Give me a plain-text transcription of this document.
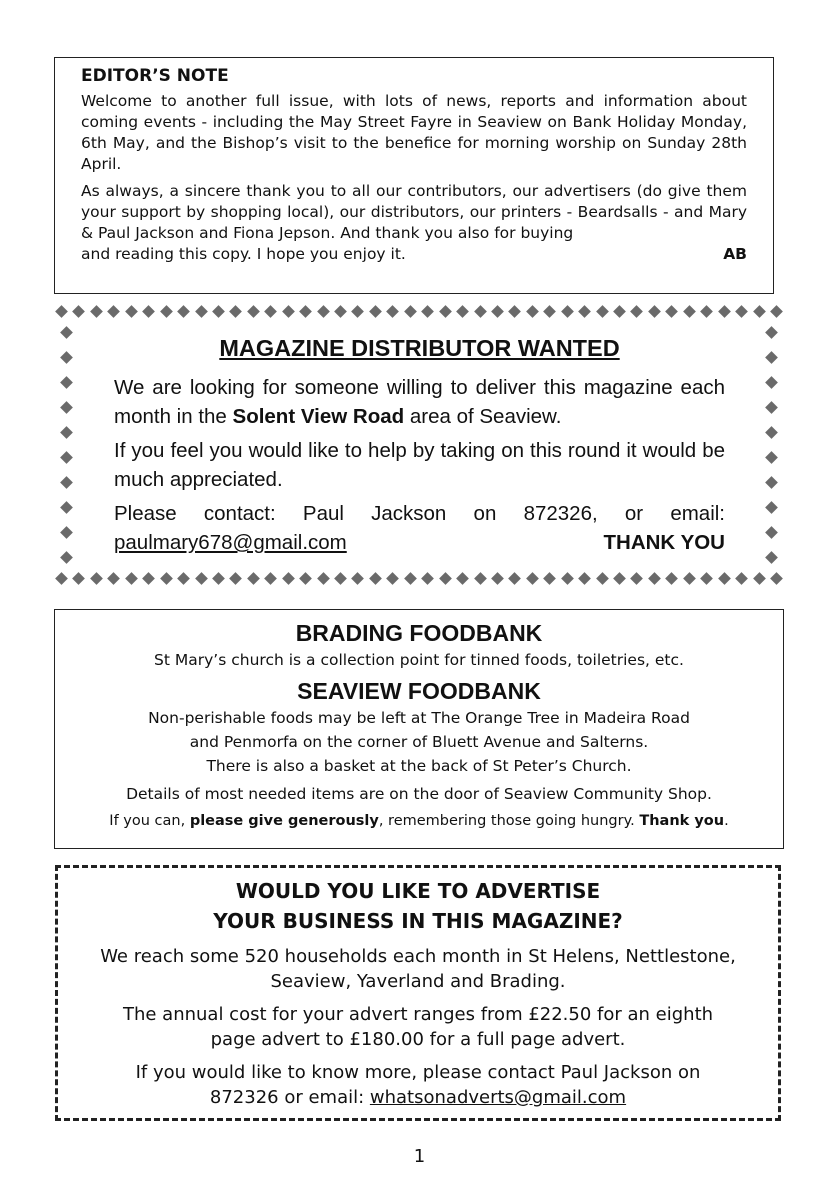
EDITOR’S NOTE

Welcome to another full issue, with lots of news, reports and information about coming events - including the May Street Fayre in Seaview on Bank Holiday Monday, 6th May, and the Bishop’s visit to the benefice for morning worship on Sunday 28th April.

As always, a sincere thank you to all our contributors, our advertisers (do give them your support by shopping local), our distributors, our printers - Beardsalls - and Mary & Paul Jackson and Fiona Jepson. And thank you also for buying

and reading this copy. I hope you enjoy it.	AB
MAGAZINE DISTRIBUTOR WANTED

We are looking for someone willing to deliver this magazine each month in the Solent View Road area of Seaview.

If you feel you would like to help by taking on this round it would be much appreciated.

Please contact: Paul Jackson on 872326, or email:
paulmary678@gmail.com	THANK YOU
BRADING FOODBANK
St Mary’s church is a collection point for tinned foods, toiletries, etc.
SEAVIEW FOODBANK
Non-perishable foods may be left at The Orange Tree in Madeira Road
and Penmorfa on the corner of Bluett Avenue and Salterns.
There is also a basket at the back of St Peter’s Church.
Details of most needed items are on the door of Seaview Community Shop.
If you can, please give generously, remembering those going hungry. Thank you.
WOULD YOU LIKE TO ADVERTISE
YOUR BUSINESS IN THIS MAGAZINE?

We reach some 520 households each month in St Helens, Nettlestone,
Seaview, Yaverland and Brading.

The annual cost for your advert ranges from £22.50 for an eighth
page advert to £180.00 for a full page advert.

If you would like to know more, please contact Paul Jackson on
872326 or email: whatsonadverts@gmail.com

1
